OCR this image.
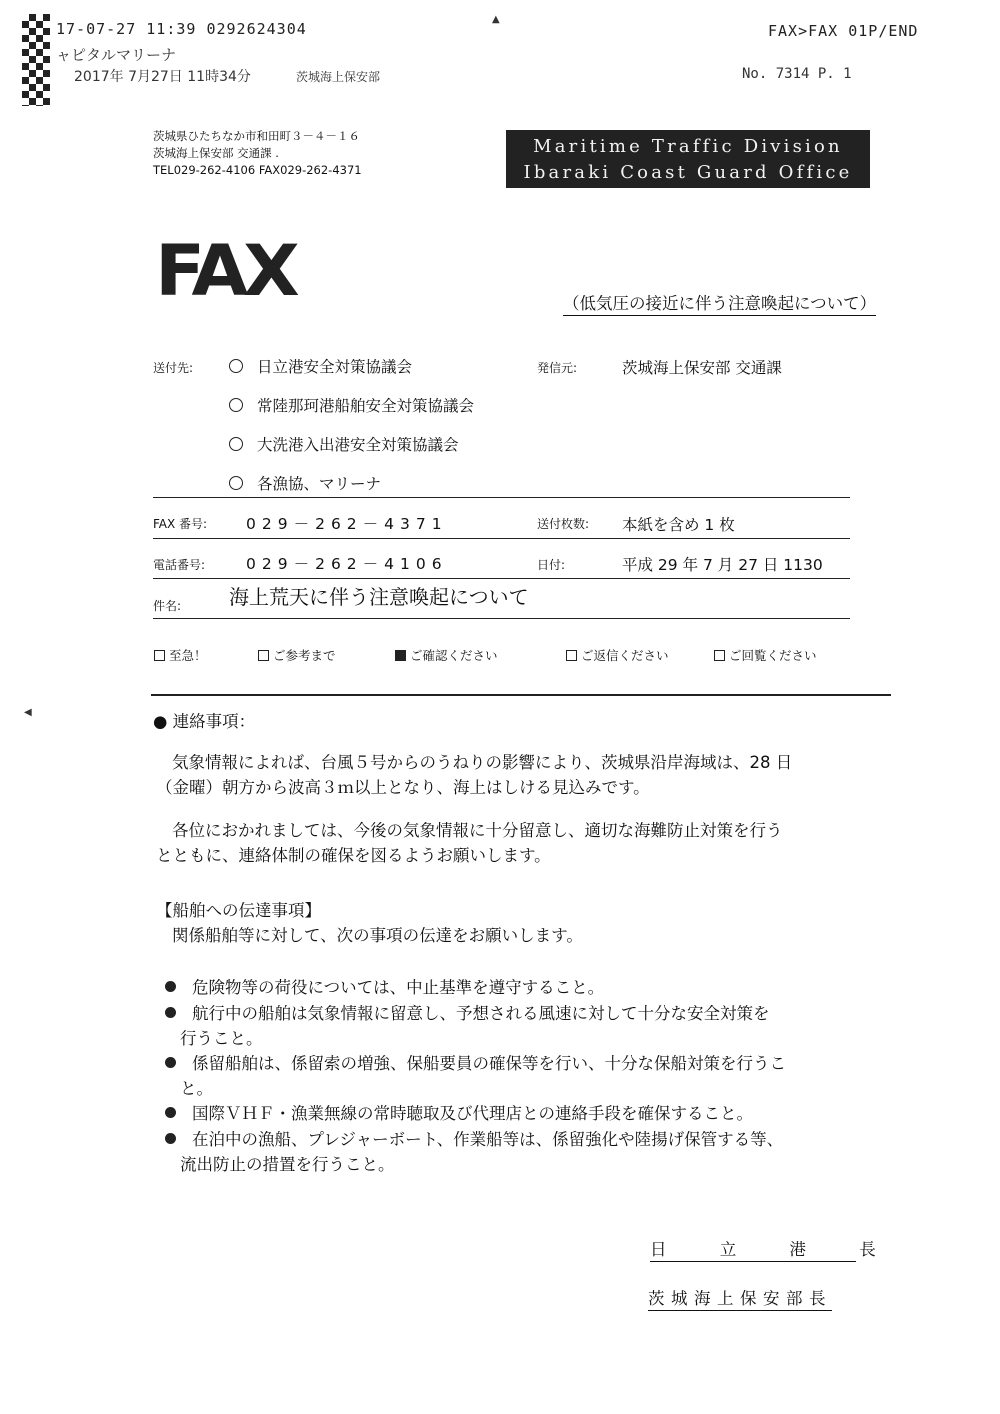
17-07-27 11:39 0292624304
ャピタルマリーナ
2017年 7月27日 11時34分	茨城海上保安部
▲
FAX>FAX 01P/END
No. 7314 P. 1
茨城県ひたちなか市和田町３－４－１６
茨城海上保安部 交通課 .
TEL029-262-4106 FAX029-262-4371
Maritime Traffic Division
Ibaraki Coast Guard Office
FAX	（低気圧の接近に伴う注意喚起について）
送付先:	日立港安全対策協議会
常陸那珂港船舶安全対策協議会
大洗港入出港安全対策協議会
各漁協、マリーナ
発信元:	茨城海上保安部 交通課
FAX 番号:	029－262－4371	送付枚数: 本紙を含め 1 枚
電話番号:	029－262－4106	日付:	平成 29 年 7 月 27 日 1130
件名: 海上荒天に伴う注意喚起について
至急！	ご参考まで	ご確認ください	ご返信ください	ご回覧ください
◀	● 連絡事項：
気象情報によれば、台風５号からのうねりの影響により、茨城県沿岸海域は、28 日
（金曜）朝方から波高３ｍ以上となり、海上はしける見込みです。
各位におかれましては、今後の気象情報に十分留意し、適切な海難防止対策を行う
とともに、連絡体制の確保を図るようお願いします。
【船舶への伝達事項】
関係船舶等に対して、次の事項の伝達をお願いします。
危険物等の荷役については、中止基準を遵守すること。
航行中の船舶は気象情報に留意し、予想される風速に対して十分な安全対策を
行うこと。
係留船舶は、係留索の増強、保船要員の確保等を行い、十分な保船対策を行うこ
と。
国際ＶＨＦ・漁業無線の常時聴取及び代理店との連絡手段を確保すること。
在泊中の漁船、プレジャーボート、作業船等は、係留強化や陸揚げ保管する等、
流出防止の措置を行うこと。
日 立 港 長
茨城海上保安部長
